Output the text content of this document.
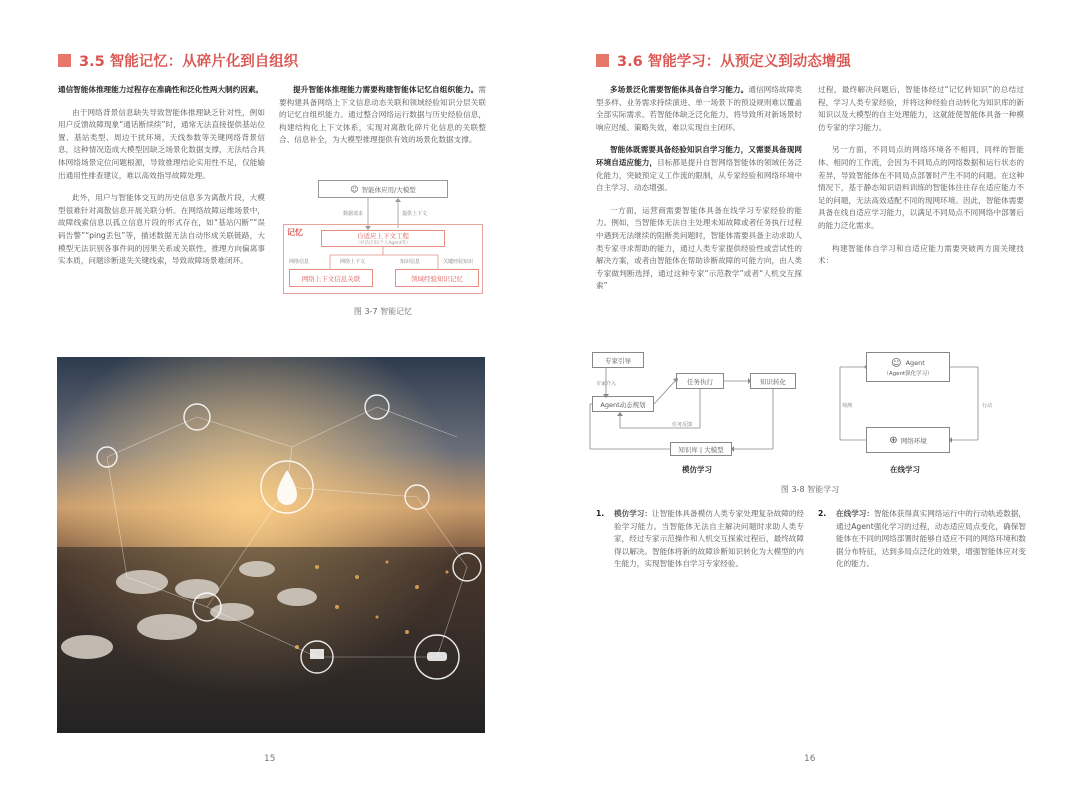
3.5 智能记忆：从碎片化到自组织

通信智能体推理能力过程存在准确性和泛化性两大制约因素。

由于网络背景信息缺失导致智能体推理缺乏针对性，例如用户反馈故障现象“通话断续续”时，通常无法直接提供基站位置、基站类型、周边干扰环境、天线参数等关键网络背景信息，这种情况造成大模型因缺乏场景化数据支撑，无法结合具体网络场景定位问题根源，导致推理结论实用性不足，仅能输出通用性排查建议，难以高效指导故障处理。

此外，用户与智能体交互的历史信息多为离散片段，大模型很难针对离散信息开展关联分析。在网络故障运维场景中，故障线索信息以孤立信息片段的形式存在，如“基站闪断”“误码告警”“ping丢包”等，描述数据无法自动形成关联链路，大模型无法识别各事件间的因果关系或关联性，推理方向偏离事实本质，问题诊断退失关键线索，导致故障场景难闭环。

提升智能体推理能力需要构建智能体记忆自组织能力。需要构建具备网络上下文信息动态关联和领域经验知识分层关联的记忆自组织能力。通过整合网络运行数据与历史经验信息，构建结构化上下文体系，实现对离散化碎片化信息的关联整合、信息补全，为大模型推理提供有效的场景化数据支撑。

☺ 智能体应用/大模型
数据请求	提供上下文
记忆	自适应上下文工程
（对话应用/个人Agent等）
网络信息	网络上下文	知识信息	关键经验知识
网络上下文信息关联	领域经验知识记忆
图 3-7 智能记忆
15
3.6 智能学习：从预定义到动态增强

多场景泛化需要智能体具备自学习能力。通信网络故障类型多样、业务需求持续演进、单一场景下的预设规则难以覆盖全部实际需求。若智能体缺乏泛化能力，将导致所对新场景时响应迟缓、策略失效，难以实现自主闭环。

智能体既需要具备经验知识自学习能力，又需要具备现网环境自适应能力，目标都是提升自智网络智能体的领域任务泛化能力，突破预定义工作流的限制，从专家经验和网络环境中自主学习、动态增强。

一方面，运营商需要智能体具备在线学习专家经验的能力。例如，当智能体无法自主处理未知故障或者任务执行过程中遇到无法继续的阻断类问题时，智能体需要具备主动求助人类专家寻求帮助的能力，通过人类专家提供经验性或尝试性的解决方案，或者由智能体在帮助诊断故障的可能方向，由人类专家做判断选择，通过这种专家“示范教学”或者“人机交互探索”

过程，最终解决问题后，智能体经过“记忆转知识”的总结过程，学习人类专家经验，并将这种经验自动转化为知识库的新知识以及大模型的自主处理能力，这就能使智能体具备一种模仿专家的学习能力。

另一方面，不同局点的网络环境各不相同，同样的智能体、相同的工作流，会因为不同局点的网络数据和运行状态的差异，导致智能体在不同局点部署时产生不同的问题。在这种情况下，基于静态知识语料训练的智能体往往存在适应能力不足的问题，无法高效适配不同的现网环境。因此，智能体需要具备在线自适应学习能力，以满足不同局点不同网络中部署后的能力泛化需求。

构建智能体自学习和自适应能力需要突破两方面关键技术：

专家引导
Agent动态规划
任务执行	知识转化
知识库 | 大模型
专家介入
任务反馈
模仿学习
☺ Agent
（Agent强化学习）
⊕ 网络环境
观测	行动
在线学习
图 3-8 智能学习
1. 模仿学习：让智能体具备模仿人类专家处理复杂故障的经验学习能力。当智能体无法自主解决问题时求助人类专家，经过专家示范操作和人机交互探索过程后，最终故障得以解决。智能体将新的故障诊断知识转化为大模型的内生能力，实现智能体自学习专家经验。
2. 在线学习：智能体获得真实网络运行中的行动轨迹数据，通过Agent强化学习的过程，动态适应局点变化，确保智能体在不同的网络部署时能够自适应不同的网络环境和数据分布特征，达到多局点泛化的效果，增强智能体应对变化的能力。
16
